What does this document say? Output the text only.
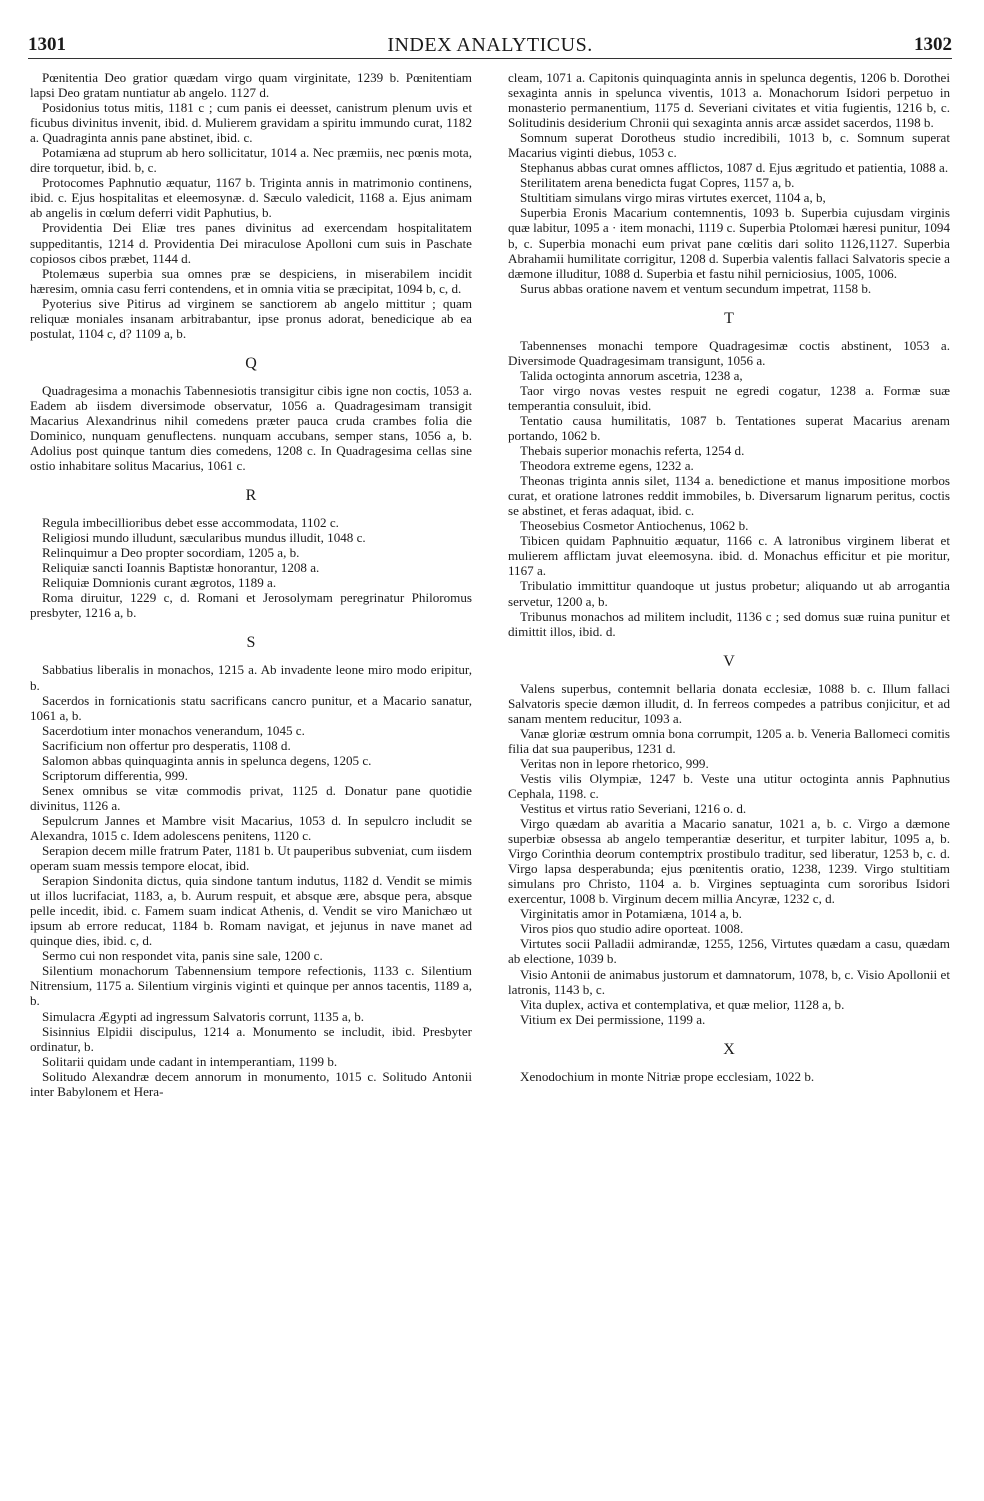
1301	INDEX ANALYTICUS.	1302

Pœnitentia Deo gratior quædam virgo quam virginitate, 1239 b. Pœnitentiam lapsi Deo gratam nuntiatur ab angelo. 1127 d.

Posidonius totus mitis, 1181 c ; cum panis ei deesset, canistrum plenum uvis et ficubus divinitus invenit, ibid. d. Mulierem gravidam a spiritu immundo curat, 1182 a. Quadraginta annis pane abstinet, ibid. c.

Potamiæna ad stuprum ab hero sollicitatur, 1014 a. Nec præmiis, nec pœnis mota, dire torquetur, ibid. b, c.

Protocomes Paphnutio æquatur, 1167 b. Triginta annis in matrimonio continens, ibid. c. Ejus hospitalitas et eleemosynæ. d. Sæculo valedicit, 1168 a. Ejus animam ab angelis in cœlum deferri vidit Paphutius, b.

Providentia Dei Eliæ tres panes divinitus ad exercendam hospitalitatem suppeditantis, 1214 d. Providentia Dei miraculose Apolloni cum suis in Paschate copiosos cibos præbet, 1144 d.

Ptolemæus superbia sua omnes præ se despiciens, in miserabilem incidit hæresim, omnia casu ferri contendens, et in omnia vitia se præcipitat, 1094 b, c, d.

Pyoterius sive Pitirus ad virginem se sanctiorem ab angelo mittitur ; quam reliquæ moniales insanam arbitrabantur, ipse pronus adorat, benedicique ab ea postulat, 1104 c, d? 1109 a, b.

Q

Quadragesima a monachis Tabennesiotis transigitur cibis igne non coctis, 1053 a. Eadem ab iisdem diversimode observatur, 1056 a. Quadragesimam transigit Macarius Alexandrinus nihil comedens præter pauca cruda crambes folia die Dominico, nunquam genuflectens. nunquam accubans, semper stans, 1056 a, b. Adolius post quinque tantum dies comedens, 1208 c. In Quadragesima cellas sine ostio inhabitare solitus Macarius, 1061 c.

R

Regula imbecillioribus debet esse accommodata, 1102 c.

Religiosi mundo illudunt, sæcularibus mundus illudit, 1048 c.

Relinquimur a Deo propter socordiam, 1205 a, b.

Reliquiæ sancti Ioannis Baptistæ honorantur, 1208 a.

Reliquiæ Domnionis curant ægrotos, 1189 a.

Roma diruitur, 1229 c, d. Romani et Jerosolymam peregrinatur Philoromus presbyter, 1216 a, b.

S

Sabbatius liberalis in monachos, 1215 a. Ab invadente leone miro modo eripitur, b.

Sacerdos in fornicationis statu sacrificans cancro punitur, et a Macario sanatur, 1061 a, b.

Sacerdotium inter monachos venerandum, 1045 c.

Sacrificium non offertur pro desperatis, 1108 d.

Salomon abbas quinquaginta annis in spelunca degens, 1205 c.

Scriptorum differentia, 999.

Senex omnibus se vitæ commodis privat, 1125 d. Donatur pane quotidie divinitus, 1126 a.

Sepulcrum Jannes et Mambre visit Macarius, 1053 d. In sepulcro includit se Alexandra, 1015 c. Idem adolescens penitens, 1120 c.

Serapion decem mille fratrum Pater, 1181 b. Ut pauperibus subveniat, cum iisdem operam suam messis tempore elocat, ibid.

Serapion Sindonita dictus, quia sindone tantum indutus, 1182 d. Vendit se mimis ut illos lucrifaciat, 1183, a, b. Aurum respuit, et absque ære, absque pera, absque pelle incedit, ibid. c. Famem suam indicat Athenis, d. Vendit se viro Manichæo ut ipsum ab errore reducat, 1184 b. Romam navigat, et jejunus in nave manet ad quinque dies, ibid. c, d.

Sermo cui non respondet vita, panis sine sale, 1200 c.

Silentium monachorum Tabennensium tempore refectionis, 1133 c. Silentium Nitrensium, 1175 a. Silentium virginis viginti et quinque per annos tacentis, 1189 a, b.

Simulacra Ægypti ad ingressum Salvatoris corrunt, 1135 a, b.

Sisinnius Elpidii discipulus, 1214 a. Monumento se includit, ibid. Presbyter ordinatur, b.

Solitarii quidam unde cadant in intemperantiam, 1199 b.

Solitudo Alexandræ decem annorum in monumento, 1015 c. Solitudo Antonii inter Babylonem et Hera-

cleam, 1071 a. Capitonis quinquaginta annis in spelunca degentis, 1206 b. Dorothei sexaginta annis in spelunca viventis, 1013 a. Monachorum Isidori perpetuo in monasterio permanentium, 1175 d. Severiani civitates et vitia fugientis, 1216 b, c. Solitudinis desiderium Chronii qui sexaginta annis arcæ assidet sacerdos, 1198 b.

Somnum superat Dorotheus studio incredibili, 1013 b, c. Somnum superat Macarius viginti diebus, 1053 c.

Stephanus abbas curat omnes afflictos, 1087 d. Ejus ægritudo et patientia, 1088 a.

Sterilitatem arena benedicta fugat Copres, 1157 a, b.

Stultitiam simulans virgo miras virtutes exercet, 1104 a, b,

Superbia Eronis Macarium contemnentis, 1093 b. Superbia cujusdam virginis quæ labitur, 1095 a · item monachi, 1119 c. Superbia Ptolomæi hæresi punitur, 1094 b, c. Superbia monachi eum privat pane cœlitis dari solito 1126,1127. Superbia Abrahamii humilitate corrigitur, 1208 d. Superbia valentis fallaci Salvatoris specie a dæmone illuditur, 1088 d. Superbia et fastu nihil perniciosius, 1005, 1006.

Surus abbas oratione navem et ventum secundum impetrat, 1158 b.

T

Tabennenses monachi tempore Quadragesimæ coctis abstinent, 1053 a. Diversimode Quadragesimam transigunt, 1056 a.

Talida octoginta annorum ascetria, 1238 a,

Taor virgo novas vestes respuit ne egredi cogatur, 1238 a. Formæ suæ temperantia consuluit, ibid.

Tentatio causa humilitatis, 1087 b. Tentationes superat Macarius arenam portando, 1062 b.

Thebais superior monachis referta, 1254 d.

Theodora extreme egens, 1232 a.

Theonas triginta annis silet, 1134 a. benedictione et manus impositione morbos curat, et oratione latrones reddit immobiles, b. Diversarum lignarum peritus, coctis se abstinet, et feras adaquat, ibid. c.

Theosebius Cosmetor Antiochenus, 1062 b.

Tibicen quidam Paphnuitio æquatur, 1166 c. A latronibus virginem liberat et mulierem afflictam juvat eleemosyna. ibid. d. Monachus efficitur et pie moritur, 1167 a.

Tribulatio immittitur quandoque ut justus probetur; aliquando ut ab arrogantia servetur, 1200 a, b.

Tribunus monachos ad militem includit, 1136 c ; sed domus suæ ruina punitur et dimittit illos, ibid. d.

V

Valens superbus, contemnit bellaria donata ecclesiæ, 1088 b. c. Illum fallaci Salvatoris specie dæmon illudit, d. In ferreos compedes a patribus conjicitur, et ad sanam mentem reducitur, 1093 a.

Vanæ gloriæ œstrum omnia bona corrumpit, 1205 a. b. Veneria Ballomeci comitis filia dat sua pauperibus, 1231 d.

Veritas non in lepore rhetorico, 999.

Vestis vilis Olympiæ, 1247 b. Veste una utitur octoginta annis Paphnutius Cephala, 1198. c.

Vestitus et virtus ratio Severiani, 1216 o. d.

Virgo quædam ab avaritia a Macario sanatur, 1021 a, b. c. Virgo a dæmone superbiæ obsessa ab angelo temperantiæ deseritur, et turpiter labitur, 1095 a, b. Virgo Corinthia deorum contemptrix prostibulo traditur, sed liberatur, 1253 b, c. d. Virgo lapsa desperabunda; ejus pœnitentis oratio, 1238, 1239. Virgo stultitiam simulans pro Christo, 1104 a. b. Virgines septuaginta cum sororibus Isidori exercentur, 1008 b. Virginum decem millia Ancyræ, 1232 c, d.

Virginitatis amor in Potamiæna, 1014 a, b.

Viros pios quo studio adire oporteat. 1008.

Virtutes socii Palladii admirandæ, 1255, 1256, Virtutes quædam a casu, quædam ab electione, 1039 b.

Visio Antonii de animabus justorum et damnatorum, 1078, b, c. Visio Apollonii et latronis, 1143 b, c.

Vita duplex, activa et contemplativa, et quæ melior, 1128 a, b.

Vitium ex Dei permissione, 1199 a.

X

Xenodochium in monte Nitriæ prope ecclesiam, 1022 b.
